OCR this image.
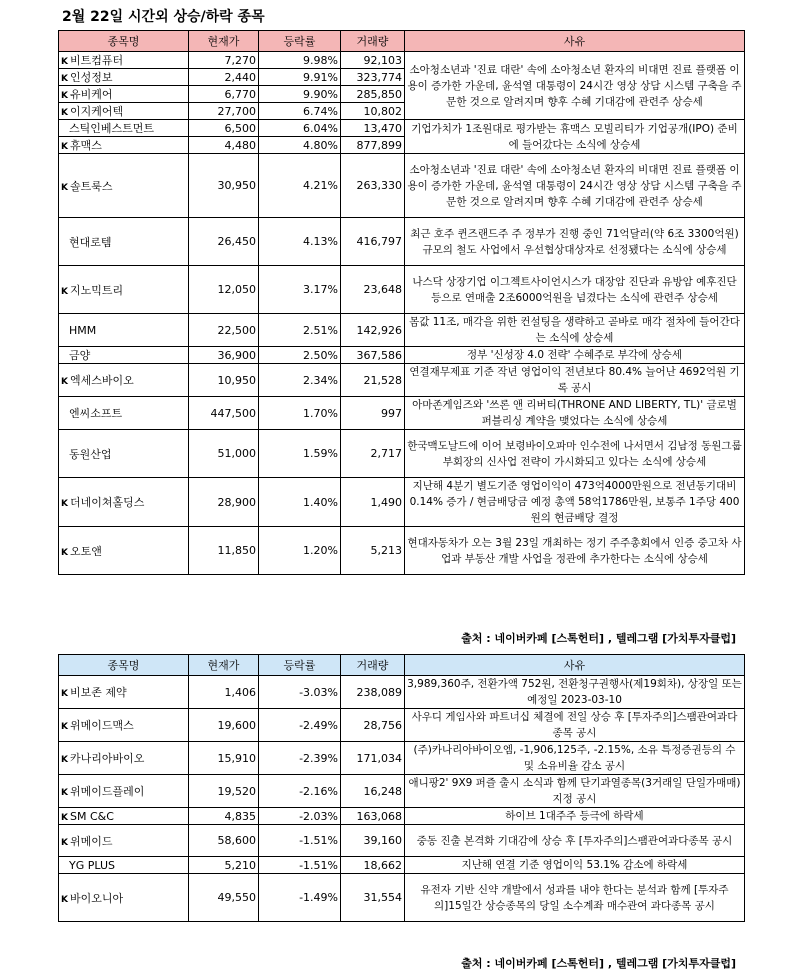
2월 22일 시간외 상승/하락 종목
종목명	현재가	등락률	거래량	사유
K 비트컴퓨터	7,270	9.98%	92,103	소아청소년과 '진료 대란' 속에 소아청소년 환자의 비대면 진료 플랫폼 이용이 증가한 가운데, 윤석열 대통령이 24시간 영상 상담 시스템 구축을 주문한 것으로 알려지며 향후 수혜 기대감에 관련주 상승세
K 인성정보	2,440	9.91%	323,774	
K 유비케어	6,770	9.90%	285,850	
K 이지케어텍	27,700	6.74%	10,802	
스틱인베스트먼트	6,500	6.04%	13,470	기업가치가 1조원대로 평가받는 휴맥스 모빌리티가 기업공개(IPO) 준비에 들어갔다는 소식에 상승세
K 휴맥스	4,480	4.80%	877,899	
K 솔트룩스	30,950	4.21%	263,330	소아청소년과 '진료 대란' 속에 소아청소년 환자의 비대면 진료 플랫폼 이용이 증가한 가운데, 윤석열 대통령이 24시간 영상 상담 시스템 구축을 주문한 것으로 알려지며 향후 수혜 기대감에 관련주 상승세
현대로템	26,450	4.13%	416,797	최근 호주 퀸즈랜드주 주 정부가 진행 중인 71억달러(약 6조 3300억원) 규모의 철도 사업에서 우선협상대상자로 선정됐다는 소식에 상승세
K 지노믹트리	12,050	3.17%	23,648	나스닥 상장기업 이그젝트사이언시스가 대장암 진단과 유방암 예후진단 등으로 연매출 2조6000억원을 넘겼다는 소식에 관련주 상승세
HMM	22,500	2.51%	142,926	몸값 11조, 매각을 위한 컨설팅을 생략하고 곧바로 매각 절차에 들어간다는 소식에 상승세
금양	36,900	2.50%	367,586	정부 '신성장 4.0 전략' 수혜주로 부각에 상승세
K 엑세스바이오	10,950	2.34%	21,528	연결재무제표 기준 작년 영업이익 전년보다 80.4% 늘어난 4692억원 기록 공시
엔씨소프트	447,500	1.70%	997	아마존게임즈와 '쓰론 앤 리버티(THRONE AND LIBERTY, TL)' 글로벌 퍼블리싱 계약을 맺었다는 소식에 상승세
동원산업	51,000	1.59%	2,717	한국맥도날드에 이어 보령바이오파마 인수전에 나서면서 김남정 동원그룹 부회장의 신사업 전략이 가시화되고 있다는 소식에 상승세
K 더네이쳐홀딩스	28,900	1.40%	1,490	지난해 4분기 별도기준 영업이익이 473억4000만원으로 전년동기대비 0.14% 증가 / 현금배당금 예정 총액 58억1786만원, 보통주 1주당 400원의 현금배당 결정
K 오토앤	11,850	1.20%	5,213	현대자동차가 오는 3월 23일 개최하는 정기 주주총회에서 인증 중고차 사업과 부동산 개발 사업을 정관에 추가한다는 소식에 상승세
출처 : 네이버카페 [스톡헌터] , 텔레그램 [가치투자클럽]
종목명	현재가	등락률	거래량	사유
K 비보존 제약	1,406	-3.03%	238,089	3,989,360주, 전환가액 752원, 전환청구권행사(제19회차), 상장일 또는 예정일 2023-03-10
K 위메이드맥스	19,600	-2.49%	28,756	사우디 게임사와 파트너십 체결에 전일 상승 후 [투자주의]스팸관여과다종목 공시
K 카나리아바이오	15,910	-2.39%	171,034	(주)카나리아바이오엠, -1,906,125주, -2.15%, 소유 특정증권등의 수 및 소유비율 감소 공시
K 위메이드플레이	19,520	-2.16%	16,248	애니팡2' 9X9 퍼즐 출시 소식과 함께 단기과열종목(3거래일 단일가매매) 지정 공시
K SM C&C	4,835	-2.03%	163,068	하이브 1대주주 등극에 하락세
K 위메이드	58,600	-1.51%	39,160	중동 진출 본격화 기대감에 상승 후 [투자주의]스팸관여과다종목 공시
YG PLUS	5,210	-1.51%	18,662	지난해 연결 기준 영업이익 53.1% 감소에 하락세
K 바이오니아	49,550	-1.49%	31,554	유전자 기반 신약 개발에서 성과를 내야 한다는 분석과 함께 [투자주의]15일간 상승종목의 당일 소수계좌 매수관여 과다종목 공시
출처 : 네이버카페 [스톡헌터] , 텔레그램 [가치투자클럽]
